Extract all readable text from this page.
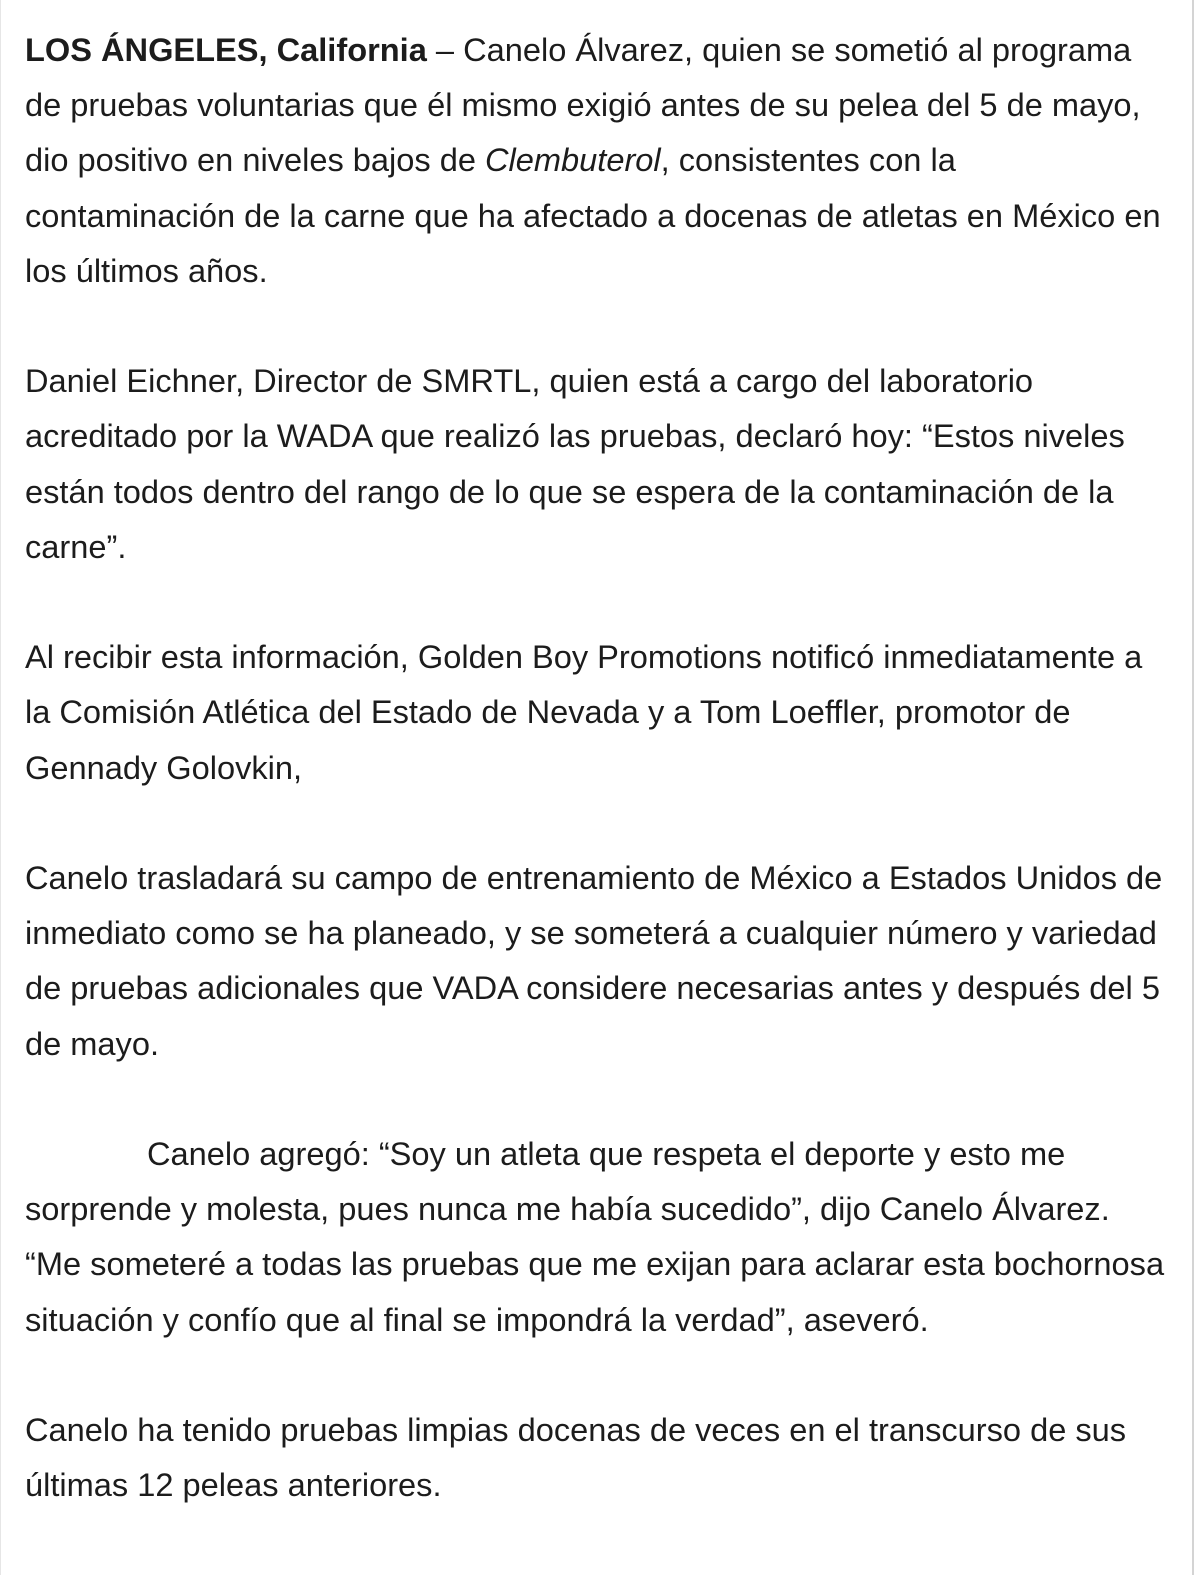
LOS ÁNGELES, California – Canelo Álvarez, quien se sometió al programa de pruebas voluntarias que él mismo exigió antes de su pelea del 5 de mayo, dio positivo en niveles bajos de Clembuterol, consistentes con la contaminación de la carne que ha afectado a docenas de atletas en México en los últimos años.

Daniel Eichner, Director de SMRTL, quien está a cargo del laboratorio acreditado por la WADA que realizó las pruebas, declaró hoy: “Estos niveles están todos dentro del rango de lo que se espera de la contaminación de la carne”.

Al recibir esta información, Golden Boy Promotions notificó inmediatamente a la Comisión Atlética del Estado de Nevada y a Tom Loeffler, promotor de Gennady Golovkin,

Canelo trasladará su campo de entrenamiento de México a Estados Unidos de inmediato como se ha planeado, y se someterá a cualquier número y variedad de pruebas adicionales que VADA considere necesarias antes y después del 5 de mayo.

Canelo agregó: “Soy un atleta que respeta el deporte y esto me sorprende y molesta, pues nunca me había sucedido”, dijo Canelo Álvarez. “Me someteré a todas las pruebas que me exijan para aclarar esta bochornosa situación y confío que al final se impondrá la verdad”, aseveró.

Canelo ha tenido pruebas limpias docenas de veces en el transcurso de sus últimas 12 peleas anteriores.
